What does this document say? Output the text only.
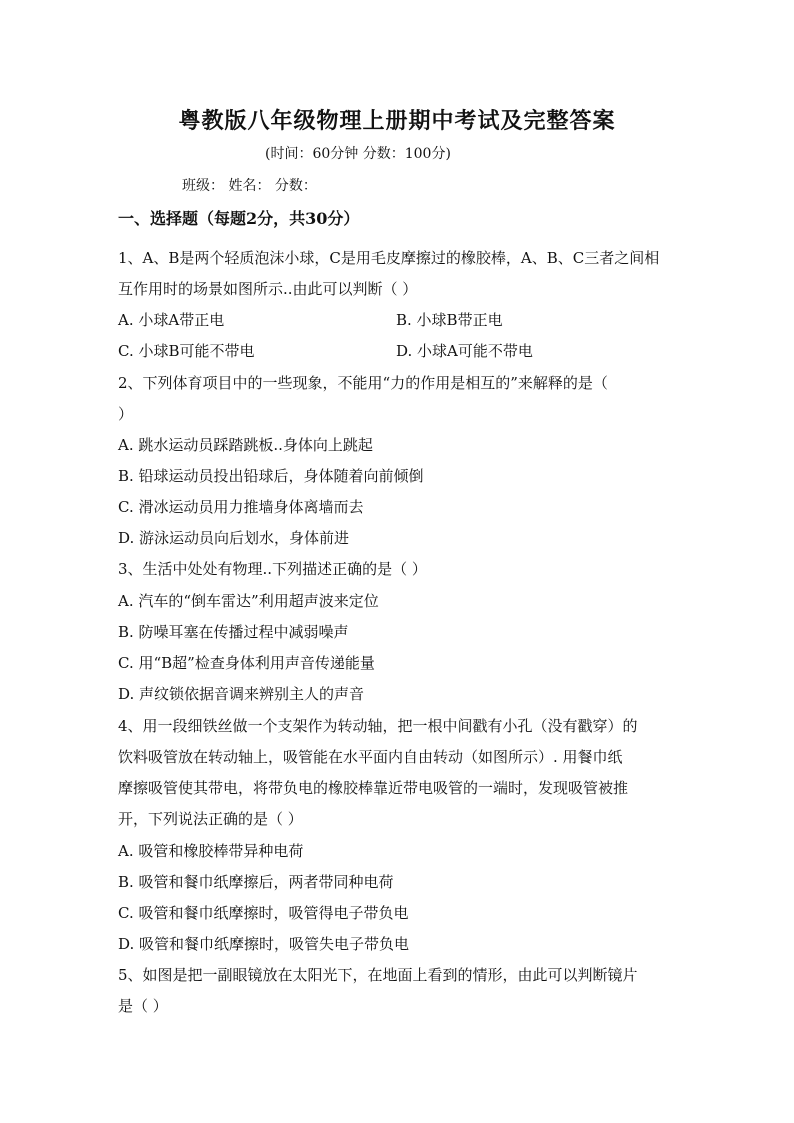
粤教版八年级物理上册期中考试及完整答案

(时间：60分钟 分数：100分)

班级： 姓名： 分数：

一、选择题（每题2分，共30分）

1、A、B是两个轻质泡沫小球，C是用毛皮摩擦过的橡胶棒，A、B、C三者之间相

互作用时的场景如图所示..由此可以判断（ ）

A. 小球A带正电	B. 小球B带正电

C. 小球B可能不带电	D. 小球A可能不带电

2、下列体育项目中的一些现象，不能用“力的作用是相互的”来解释的是（

）

A. 跳水运动员踩踏跳板..身体向上跳起

B. 铅球运动员投出铅球后，身体随着向前倾倒

C. 滑冰运动员用力推墙身体离墙而去

D. 游泳运动员向后划水，身体前进

3、生活中处处有物理..下列描述正确的是（ ）

A. 汽车的“倒车雷达”利用超声波来定位

B. 防噪耳塞在传播过程中减弱噪声

C. 用“B超”检查身体利用声音传递能量

D. 声纹锁依据音调来辨别主人的声音

4、用一段细铁丝做一个支架作为转动轴，把一根中间戳有小孔（没有戳穿）的

饮料吸管放在转动轴上，吸管能在水平面内自由转动（如图所示）. 用餐巾纸

摩擦吸管使其带电，将带负电的橡胶棒靠近带电吸管的一端时，发现吸管被推

开，下列说法正确的是（ ）

A. 吸管和橡胶棒带异种电荷

B. 吸管和餐巾纸摩擦后，两者带同种电荷

C. 吸管和餐巾纸摩擦时，吸管得电子带负电

D. 吸管和餐巾纸摩擦时，吸管失电子带负电

5、如图是把一副眼镜放在太阳光下，在地面上看到的情形，由此可以判断镜片

是（ ）
